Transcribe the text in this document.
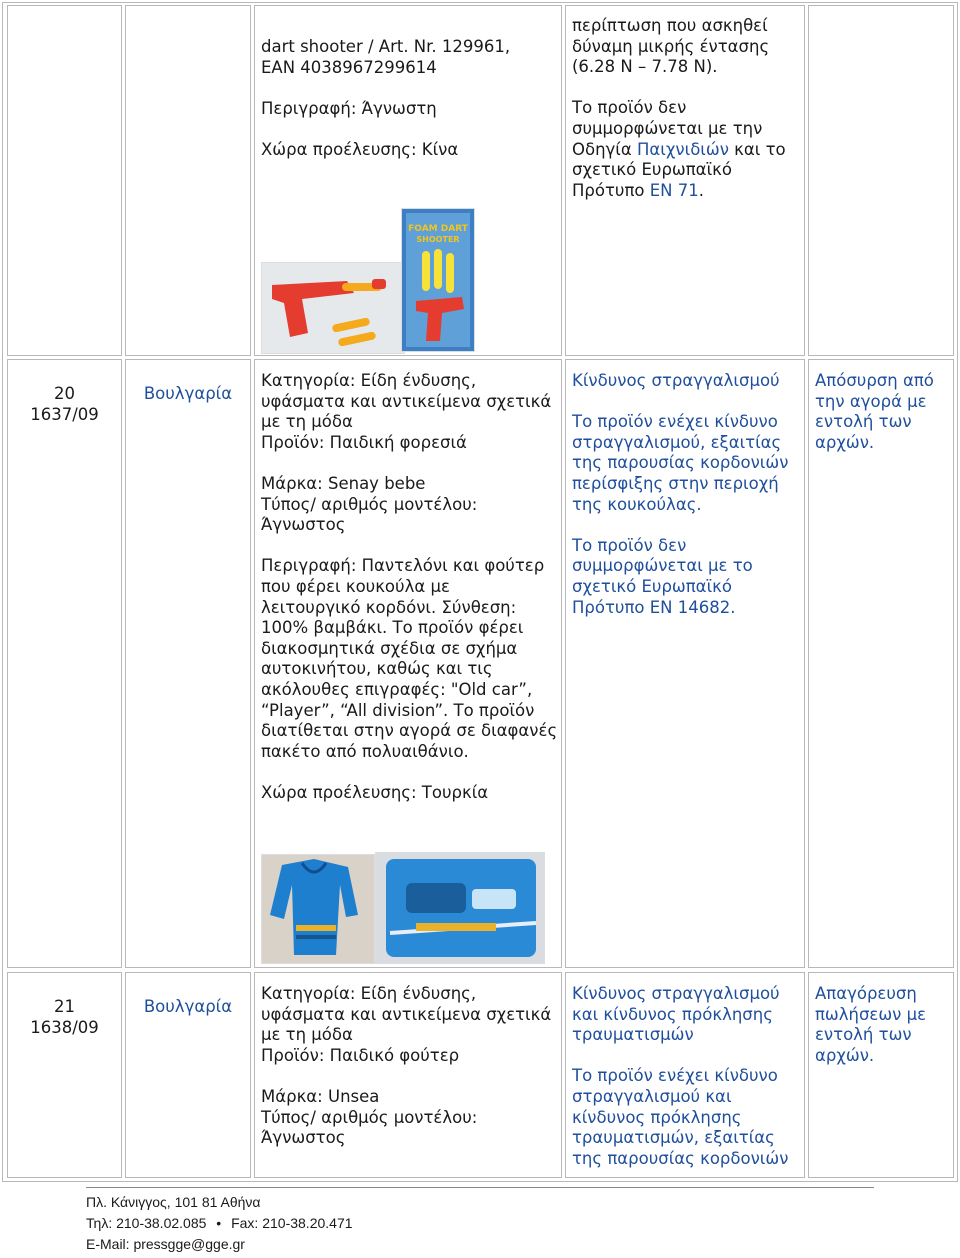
dart shooter / Art. Nr. 129961,
EAN 4038967299614
Περιγραφή: Άγνωστη
Χώρα προέλευσης: Κίνα
FOAM DART
SHOOTER
περίπτωση που ασκηθεί
δύναμη μικρής έντασης
(6.28 N – 7.78 N).
Το προϊόν δεν
συμμορφώνεται με την
Οδηγία Παιχνιδιών και το
σχετικό Ευρωπαϊκό
Πρότυπο EN 71.
20
1637/09
Βουλγαρία
Κατηγορία: Είδη ένδυσης,
υφάσματα και αντικείμενα σχετικά
με τη μόδα
Προϊόν: Παιδική φορεσιά
Μάρκα: Senay bebe
Τύπος/ αριθμός μοντέλου:
Άγνωστος
Περιγραφή: Παντελόνι και φούτερ
που φέρει κουκούλα με
λειτουργικό κορδόνι. Σύνθεση:
100% βαμβάκι. Το προϊόν φέρει
διακοσμητικά σχέδια σε σχήμα
αυτοκινήτου, καθώς και τις
ακόλουθες επιγραφές: "Old car”,
“Player”, “All division”. Το προϊόν
διατίθεται στην αγορά σε διαφανές
πακέτο από πολυαιθάνιο.
Χώρα προέλευσης: Τουρκία
Κίνδυνος στραγγαλισμού
Το προϊόν ενέχει κίνδυνο
στραγγαλισμού, εξαιτίας
της παρουσίας κορδονιών
περίσφιξης στην περιοχή
της κουκούλας.
Το προϊόν δεν
συμμορφώνεται με το
σχετικό Ευρωπαϊκό
Πρότυπο EN 14682.
Απόσυρση από
την αγορά με
εντολή των
αρχών.
21
1638/09
Βουλγαρία
Κατηγορία: Είδη ένδυσης,
υφάσματα και αντικείμενα σχετικά
με τη μόδα
Προϊόν: Παιδικό φούτερ
Μάρκα: Unsea
Τύπος/ αριθμός μοντέλου:
Άγνωστος
Κίνδυνος στραγγαλισμού
και κίνδυνος πρόκλησης
τραυματισμών
Το προϊόν ενέχει κίνδυνο
στραγγαλισμού και
κίνδυνος πρόκλησης
τραυματισμών, εξαιτίας
της παρουσίας κορδονιών
Απαγόρευση
πωλήσεων με
εντολή των
αρχών.
Πλ. Κάνιγγος, 101 81 Αθήνα
Τηλ: 210-38.02.085 • Fax: 210-38.20.471
E-Mail: pressgge@gge.gr
